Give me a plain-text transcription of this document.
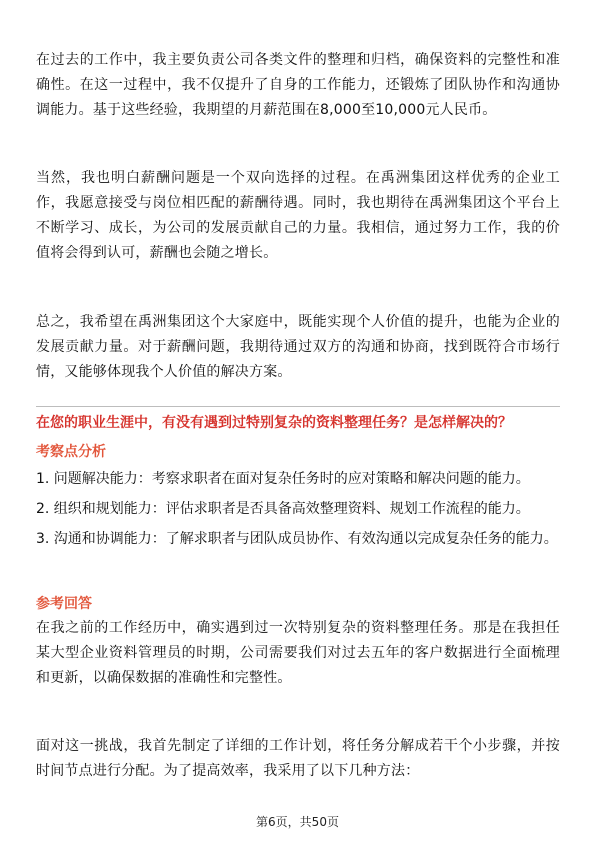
在过去的工作中，我主要负责公司各类文件的整理和归档，确保资料的完整性和准确性。在这一过程中，我不仅提升了自身的工作能力，还锻炼了团队协作和沟通协调能力。基于这些经验，我期望的月薪范围在8,000至10,000元人民币。

当然，我也明白薪酬问题是一个双向选择的过程。在禹洲集团这样优秀的企业工作，我愿意接受与岗位相匹配的薪酬待遇。同时，我也期待在禹洲集团这个平台上不断学习、成长，为公司的发展贡献自己的力量。我相信，通过努力工作，我的价值将会得到认可，薪酬也会随之增长。

总之，我希望在禹洲集团这个大家庭中，既能实现个人价值的提升，也能为企业的发展贡献力量。对于薪酬问题，我期待通过双方的沟通和协商，找到既符合市场行情，又能够体现我个人价值的解决方案。

在您的职业生涯中，有没有遇到过特别复杂的资料整理任务？是怎样解决的？

考察点分析

1. 问题解决能力：考察求职者在面对复杂任务时的应对策略和解决问题的能力。

2. 组织和规划能力：评估求职者是否具备高效整理资料、规划工作流程的能力。

3. 沟通和协调能力：了解求职者与团队成员协作、有效沟通以完成复杂任务的能力。

参考回答

在我之前的工作经历中，确实遇到过一次特别复杂的资料整理任务。那是在我担任某大型企业资料管理员的时期，公司需要我们对过去五年的客户数据进行全面梳理和更新，以确保数据的准确性和完整性。

面对这一挑战，我首先制定了详细的工作计划，将任务分解成若干个小步骤，并按时间节点进行分配。为了提高效率，我采用了以下几种方法：

第6页，共50页
